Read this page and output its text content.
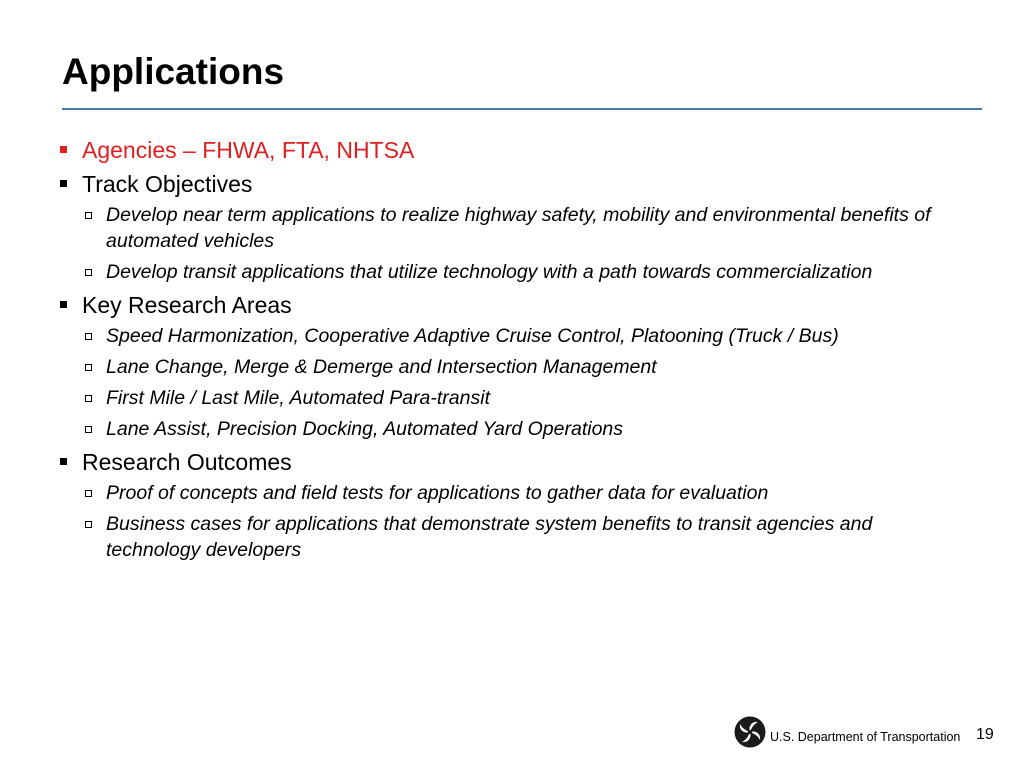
Applications
Agencies – FHWA, FTA, NHTSA
Track Objectives
Develop near term applications to realize highway safety, mobility and environmental benefits of automated vehicles
Develop transit applications that utilize technology with a path towards commercialization
Key Research Areas
Speed Harmonization, Cooperative Adaptive Cruise Control, Platooning (Truck / Bus)
Lane Change, Merge & Demerge and Intersection Management
First Mile / Last Mile, Automated Para-transit
Lane Assist, Precision Docking, Automated Yard Operations
Research Outcomes
Proof of concepts and field tests for applications to gather data for evaluation
Business cases for applications that demonstrate system benefits to transit agencies and technology developers
U.S. Department of Transportation 19
